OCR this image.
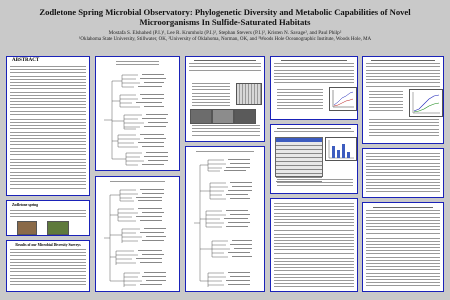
Zodletone Spring Microbial Observatory: Phylogenetic Diversity and Metabolic Capabilities of Novel Microorganisms In Sulfide-Saturated Habitats
Mostafa S. Elshahed (P.I.)¹, Lee R. Krumholz (P.I.)², Stephan Stevers (P.I.)², Kristen N. Savage², and Paul Philp²
¹Oklahoma State University, Stillwater, OK, ²University of Oklahoma, Norman, OK, and ³Woods Hole Oceanographic Institute, Woods Hole, MA
ABSTRACT
Zodletone spring
Results of our Microbial Diversity Surveys
